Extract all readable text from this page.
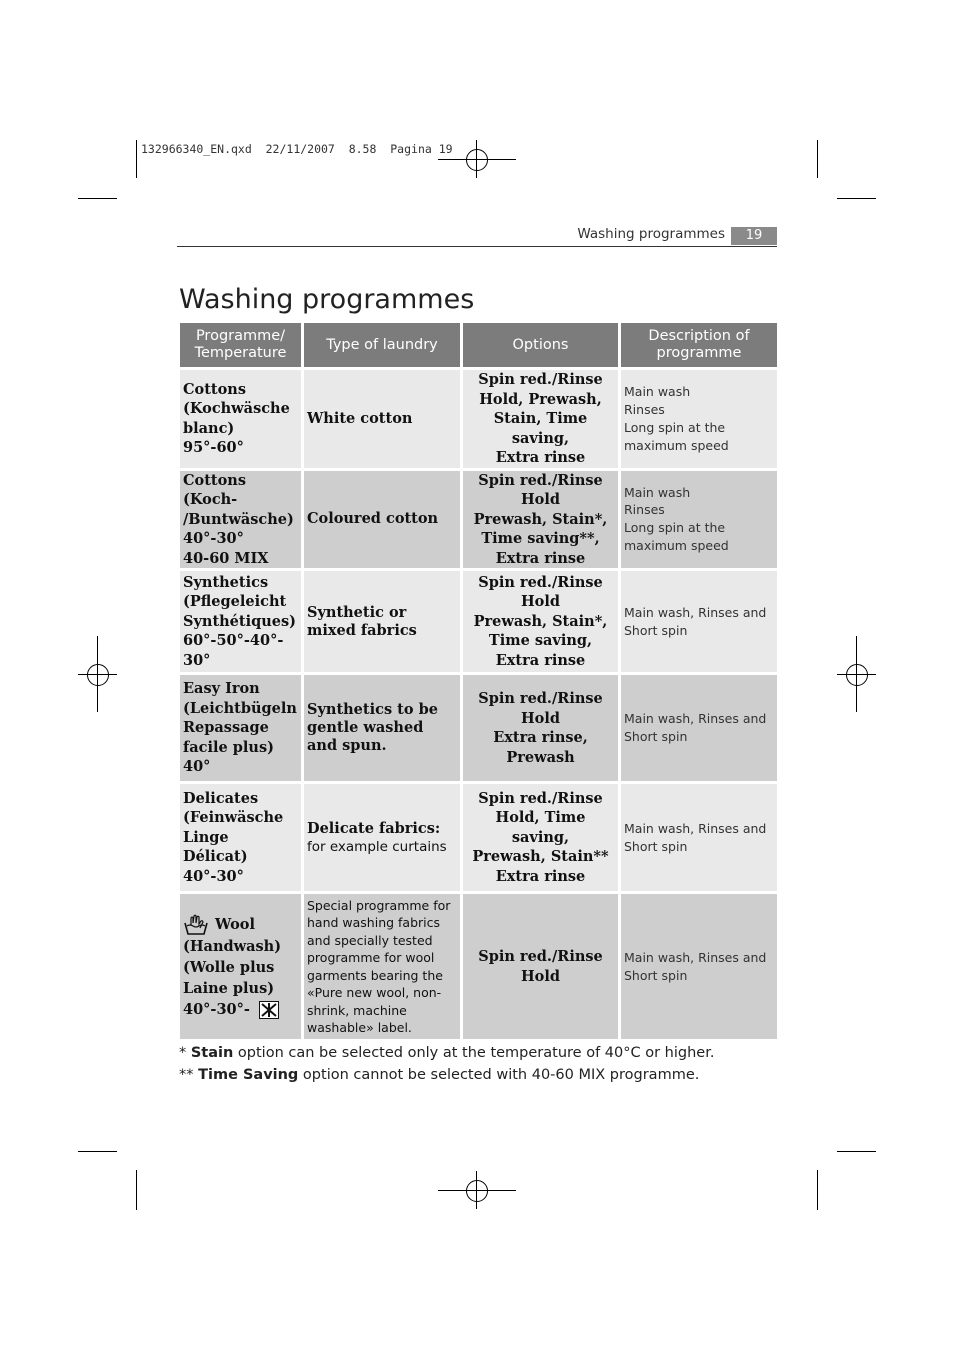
132966340_EN.qxd  22/11/2007  8.58  Pagina 19
Washing programmes	19
Washing programmes
Programme/ Temperature	Type of laundry	Options	Description of programme

Cottons
(Kochwäsche
blanc)
95°-60°	White cotton	Spin red./Rinse
Hold, Prewash,
Stain, Time saving,
Extra rinse	Main wash
Rinses
Long spin at the
maximum speed

Cottons (Koch-
/Buntwäsche)
40°-30°
40-60 MIX	Coloured cotton	Spin red./Rinse Hold
Prewash, Stain*,
Time saving**,
Extra rinse	Main wash
Rinses
Long spin at the
maximum speed

Synthetics
(Pflegeleicht
Synthétiques)
60°-50°-40°-
30°	Synthetic or mixed fabrics	Spin red./Rinse Hold
Prewash, Stain*,
Time saving,
Extra rinse	Main wash, Rinses and
Short spin

Easy Iron
(Leichtbügeln
Repassage
facile plus) 40°	Synthetics to be gentle washed and spun.	Spin red./Rinse Hold
Extra rinse,
Prewash	Main wash, Rinses and
Short spin

Delicates
(Feinwäsche
Linge Délicat)
40°-30°	Delicate fabrics: for example curtains	Spin red./Rinse
Hold, Time saving,
Prewash, Stain**
Extra rinse	Main wash, Rinses and
Short spin

Wool
(Handwash)
(Wolle plus
Laine plus)
40°-30°-	Special programme for hand washing fabrics and specially tested programme for wool garments bearing the «Pure new wool, non-shrink, machine washable» label.	Spin red./Rinse Hold	Main wash, Rinses and
Short spin
* Stain option can be selected only at the temperature of 40°C or higher.
** Time Saving option cannot be selected with 40-60 MIX programme.
